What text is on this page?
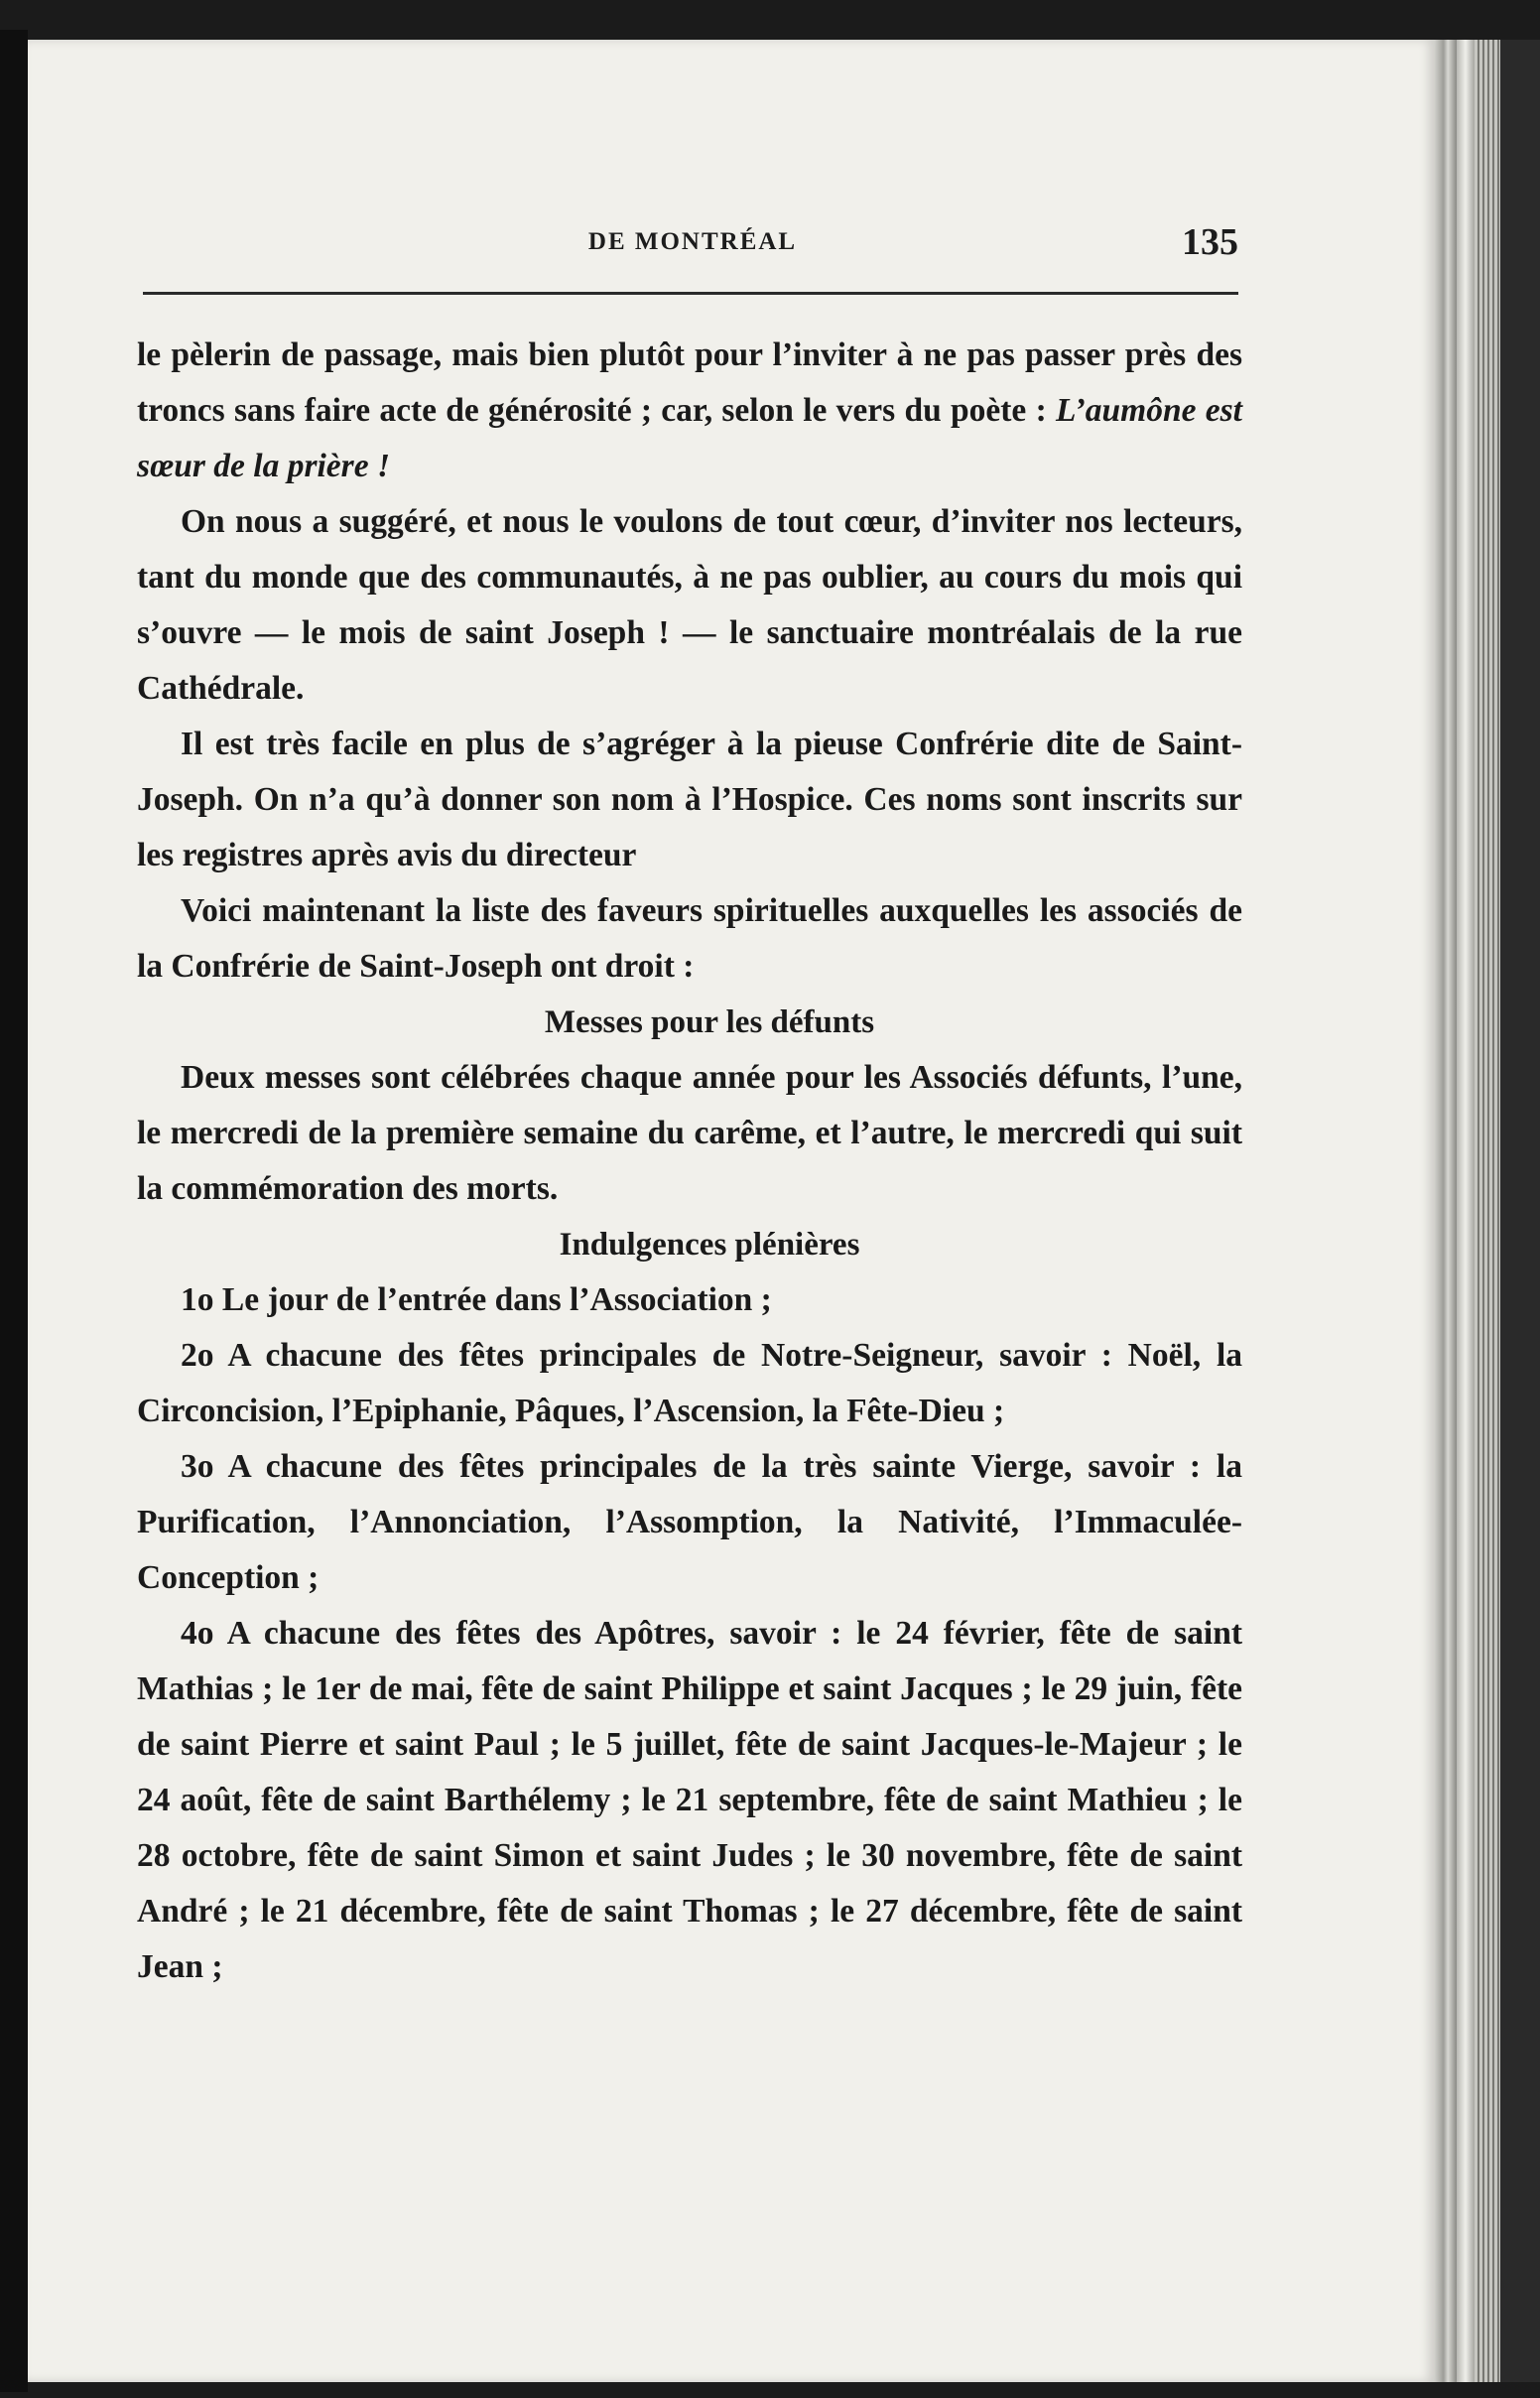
DE MONTRÉAL	135

le pèlerin de passage, mais bien plutôt pour l’inviter à ne pas passer près des troncs sans faire acte de générosité ; car, selon le vers du poète : L’aumône est sœur de la prière !

On nous a suggéré, et nous le voulons de tout cœur, d’inviter nos lecteurs, tant du monde que des communautés, à ne pas oublier, au cours du mois qui s’ouvre — le mois de saint Joseph ! — le sanctuaire montréalais de la rue Cathédrale.

Il est très facile en plus de s’agréger à la pieuse Confrérie dite de Saint-Joseph. On n’a qu’à donner son nom à l’Hospice. Ces noms sont inscrits sur les registres après avis du directeur

Voici maintenant la liste des faveurs spirituelles auxquelles les associés de la Confrérie de Saint-Joseph ont droit :

Messes pour les défunts

Deux messes sont célébrées chaque année pour les Associés défunts, l’une, le mercredi de la première semaine du carême, et l’autre, le mercredi qui suit la commémoration des morts.

Indulgences plénières

1o Le jour de l’entrée dans l’Association ;

2o A chacune des fêtes principales de Notre-Seigneur, savoir : Noël, la Circoncision, l’Epiphanie, Pâques, l’Ascension, la Fête-Dieu ;

3o A chacune des fêtes principales de la très sainte Vierge, savoir : la Purification, l’Annonciation, l’Assomption, la Nativité, l’Immaculée-Conception ;

4o A chacune des fêtes des Apôtres, savoir : le 24 février, fête de saint Mathias ; le 1er de mai, fête de saint Philippe et saint Jacques ; le 29 juin, fête de saint Pierre et saint Paul ; le 5 juillet, fête de saint Jacques-le-Majeur ; le 24 août, fête de saint Barthélemy ; le 21 septembre, fête de saint Mathieu ; le 28 octobre, fête de saint Simon et saint Judes ; le 30 novembre, fête de saint André ; le 21 décembre, fête de saint Thomas ; le 27 décembre, fête de saint Jean ;
